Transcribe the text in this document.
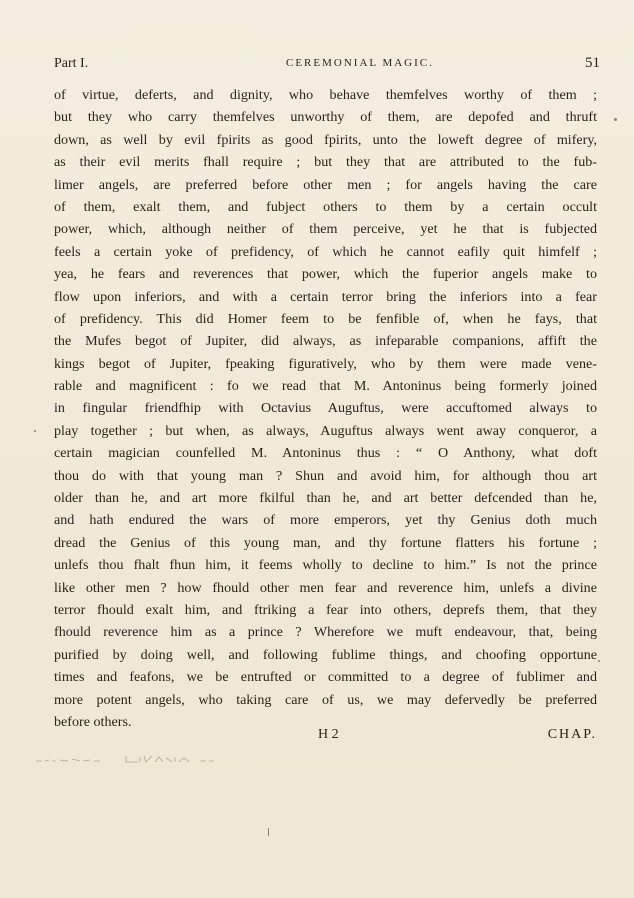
Part I.	CEREMONIAL MAGIC.	51
of virtue, deferts, and dignity, who behave themfelves worthy of them ;
but they who carry themfelves unworthy of them, are depofed and thruft
down, as well by evil fpirits as good fpirits, unto the loweft degree of mifery,
as their evil merits fhall require ; but they that are attributed to the fub-
limer angels, are preferred before other men ; for angels having the care
of them, exalt them, and fubject others to them by a certain occult
power, which, although neither of them perceive, yet he that is fubjected
feels a certain yoke of prefidency, of which he cannot eafily quit himfelf ;
yea, he fears and reverences that power, which the fuperior angels make to
flow upon inferiors, and with a certain terror bring the inferiors into a fear
of prefidency. This did Homer feem to be fenfible of, when he fays, that
the Mufes begot of Jupiter, did always, as infeparable companions, affift the
kings begot of Jupiter, fpeaking figuratively, who by them were made vene-
rable and magnificent : fo we read that M. Antoninus being formerly joined
in fingular friendfhip with Octavius Auguftus, were accuftomed always to
play together ; but when, as always, Auguftus always went away conqueror, a
certain magician counfelled M. Antoninus thus : “ O Anthony, what doft
thou do with that young man ? Shun and avoid him, for although thou art
older than he, and art more fkilful than he, and art better defcended than he,
and hath endured the wars of more emperors, yet thy Genius doth much
dread the Genius of this young man, and thy fortune flatters his fortune ;
unlefs thou fhalt fhun him, it feems wholly to decline to him.” Is not the prince
like other men ? how fhould other men fear and reverence him, unlefs a divine
terror fhould exalt him, and ftriking a fear into others, deprefs them, that they
fhould reverence him as a prince ? Wherefore we muft endeavour, that, being
purified by doing well, and following fublime things, and choofing opportune
times and feafons, we be entrufted or committed to a degree of fublimer and
more potent angels, who taking care of us, we may defervedly be preferred
before others.
H 2	CHAP.
